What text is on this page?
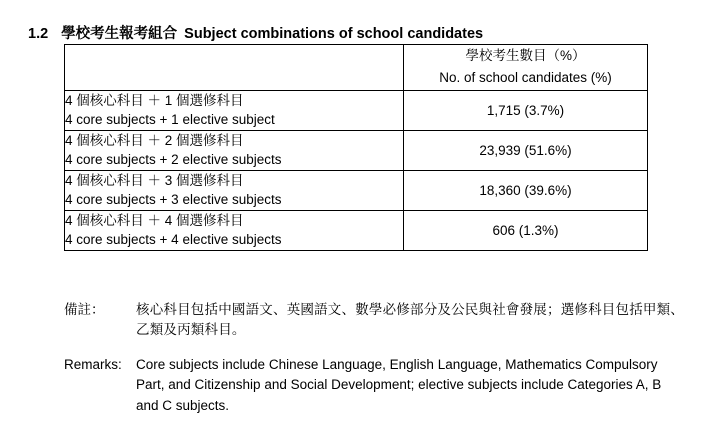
1.2 學校考生報考組合 Subject combinations of school candidates

	學校考生數目（%）
No. of school candidates (%)

4 個核心科目 ＋ 1 個選修科目
4 core subjects + 1 elective subject	1,715 (3.7%)

4 個核心科目 ＋ 2 個選修科目
4 core subjects + 2 elective subjects	23,939 (51.6%)

4 個核心科目 ＋ 3 個選修科目
4 core subjects + 3 elective subjects	18,360 (39.6%)

4 個核心科目 ＋ 4 個選修科目
4 core subjects + 4 elective subjects	606 (1.3%)
備註：	核心科目包括中國語文、英國語文、數學必修部分及公民與社會發展；選修科目包括甲類、乙類及丙類科目。
Remarks:	Core subjects include Chinese Language, English Language, Mathematics Compulsory Part, and Citizenship and Social Development; elective subjects include Categories A, B and C subjects.
